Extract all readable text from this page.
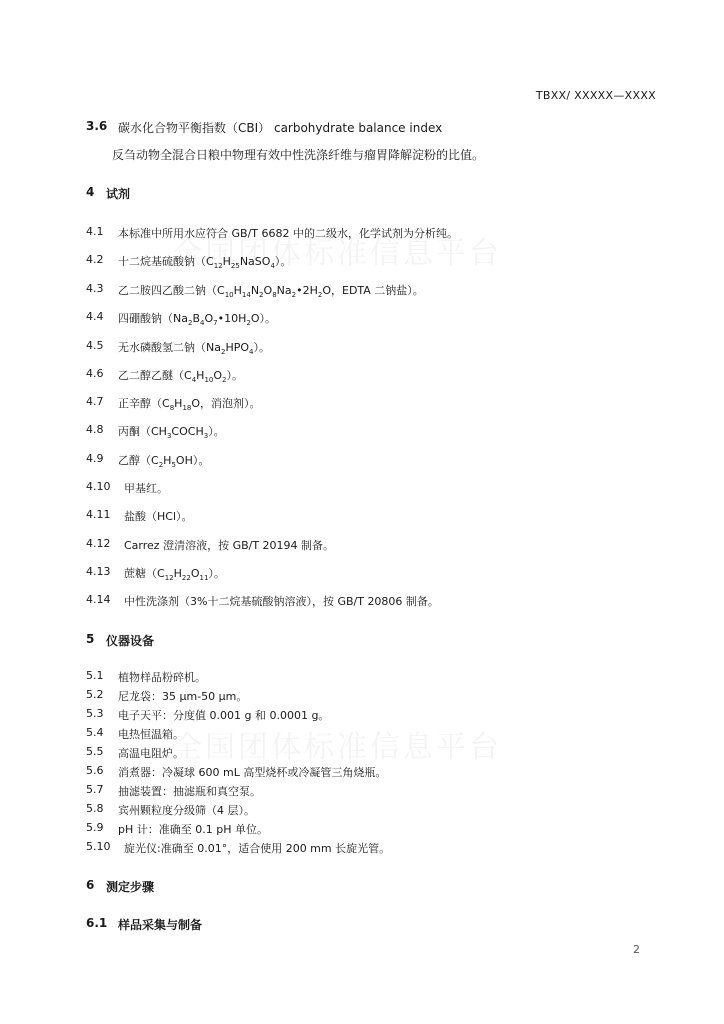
TBXX/ XXXXX—XXXX
3.6 碳水化合物平衡指数（CBI） carbohydrate balance index
反刍动物全混合日粮中物理有效中性洗涤纤维与瘤胃降解淀粉的比值。
4 试剂
4.1 本标准中所用水应符合 GB/T 6682 中的二级水，化学试剂为分析纯。
4.2 十二烷基硫酸钠$(C_{12}H_{25}NaSO_4)$。
4.3 乙二胺四乙酸二钠（$C_{10}H_{14}N_2O_8Na_2•2H_2O$，EDTA 二钠盐）。
4.4 四硼酸钠$(Na_2B_4O_7•10H_2O)$。
4.5 无水磷酸氢二钠$(Na_2HPO_4)$。
4.6 乙二醇乙醚$(C_4H_{10}O_2)$。
4.7 正辛醇（$C_8H_{18}O$，消泡剂）。
4.8 丙酮$(CH_3COCH_3)$。
4.9 乙醇$(C_2H_5OH)$。
4.10 甲基红。
4.11 盐酸（HCl）。
4.12 Carrez 澄清溶液，按 GB/T 20194 制备。
4.13 蔗糖$(C_{12}H_{22}O_{11})$。
4.14 中性洗涤剂（3%十二烷基硫酸钠溶液），按 GB/T 20806 制备。
5 仪器设备
5.1 植物样品粉碎机。
5.2 尼龙袋：35 μm-50 μm。
5.3 电子天平：分度值 0.001 g 和 0.0001 g。
5.4 电热恒温箱。
5.5 高温电阻炉。
5.6 消煮器：冷凝球 600 mL 高型烧杯或冷凝管三角烧瓶。
5.7 抽滤装置：抽滤瓶和真空泵。
5.8 宾州颗粒度分级筛（4 层）。
5.9 pH 计：准确至 0.1 pH 单位。
5.10 旋光仪:准确至 0.01°，适合使用 200 mm 长旋光管。
6 测定步骤
6.1 样品采集与制备
2
